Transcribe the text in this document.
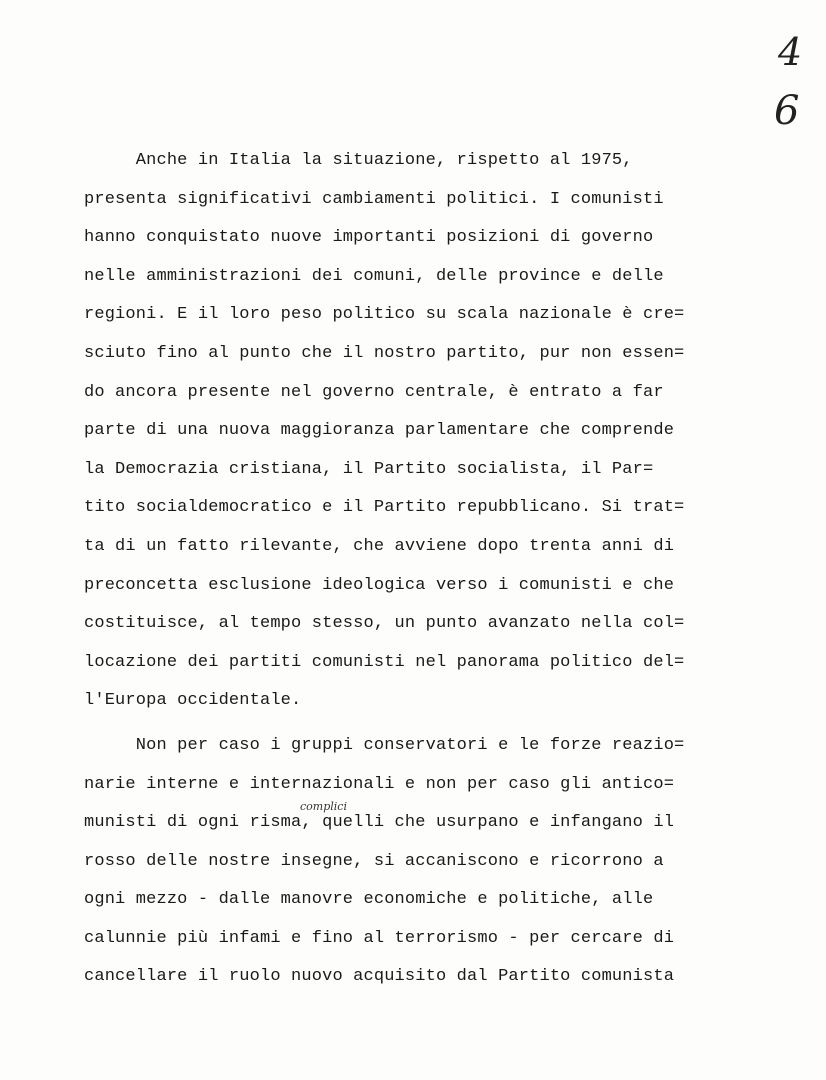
4
6
complici
Anche in Italia la situazione, rispetto al 1975,
presenta significativi cambiamenti politici. I comunisti
hanno conquistato nuove importanti posizioni di governo
nelle amministrazioni dei comuni, delle province e delle
regioni. E il loro peso politico su scala nazionale è cre=
sciuto fino al punto che il nostro partito, pur non essen=
do ancora presente nel governo centrale, è entrato a far
parte di una nuova maggioranza parlamentare che comprende
la Democrazia cristiana, il Partito socialista, il Par=
tito socialdemocratico e il Partito repubblicano. Si trat=
ta di un fatto rilevante, che avviene dopo trenta anni di
preconcetta esclusione ideologica verso i comunisti e che
costituisce, al tempo stesso, un punto avanzato nella col=
locazione dei partiti comunisti nel panorama politico del=
l'Europa occidentale.
Non per caso i gruppi conservatori e le forze reazio=
narie interne e internazionali e non per caso gli antico=
munisti di ogni risma, quelli che usurpano e infangano il
rosso delle nostre insegne, si accaniscono e ricorrono a
ogni mezzo - dalle manovre economiche e politiche, alle
calunnie più infami e fino al terrorismo - per cercare di
cancellare il ruolo nuovo acquisito dal Partito comunista
